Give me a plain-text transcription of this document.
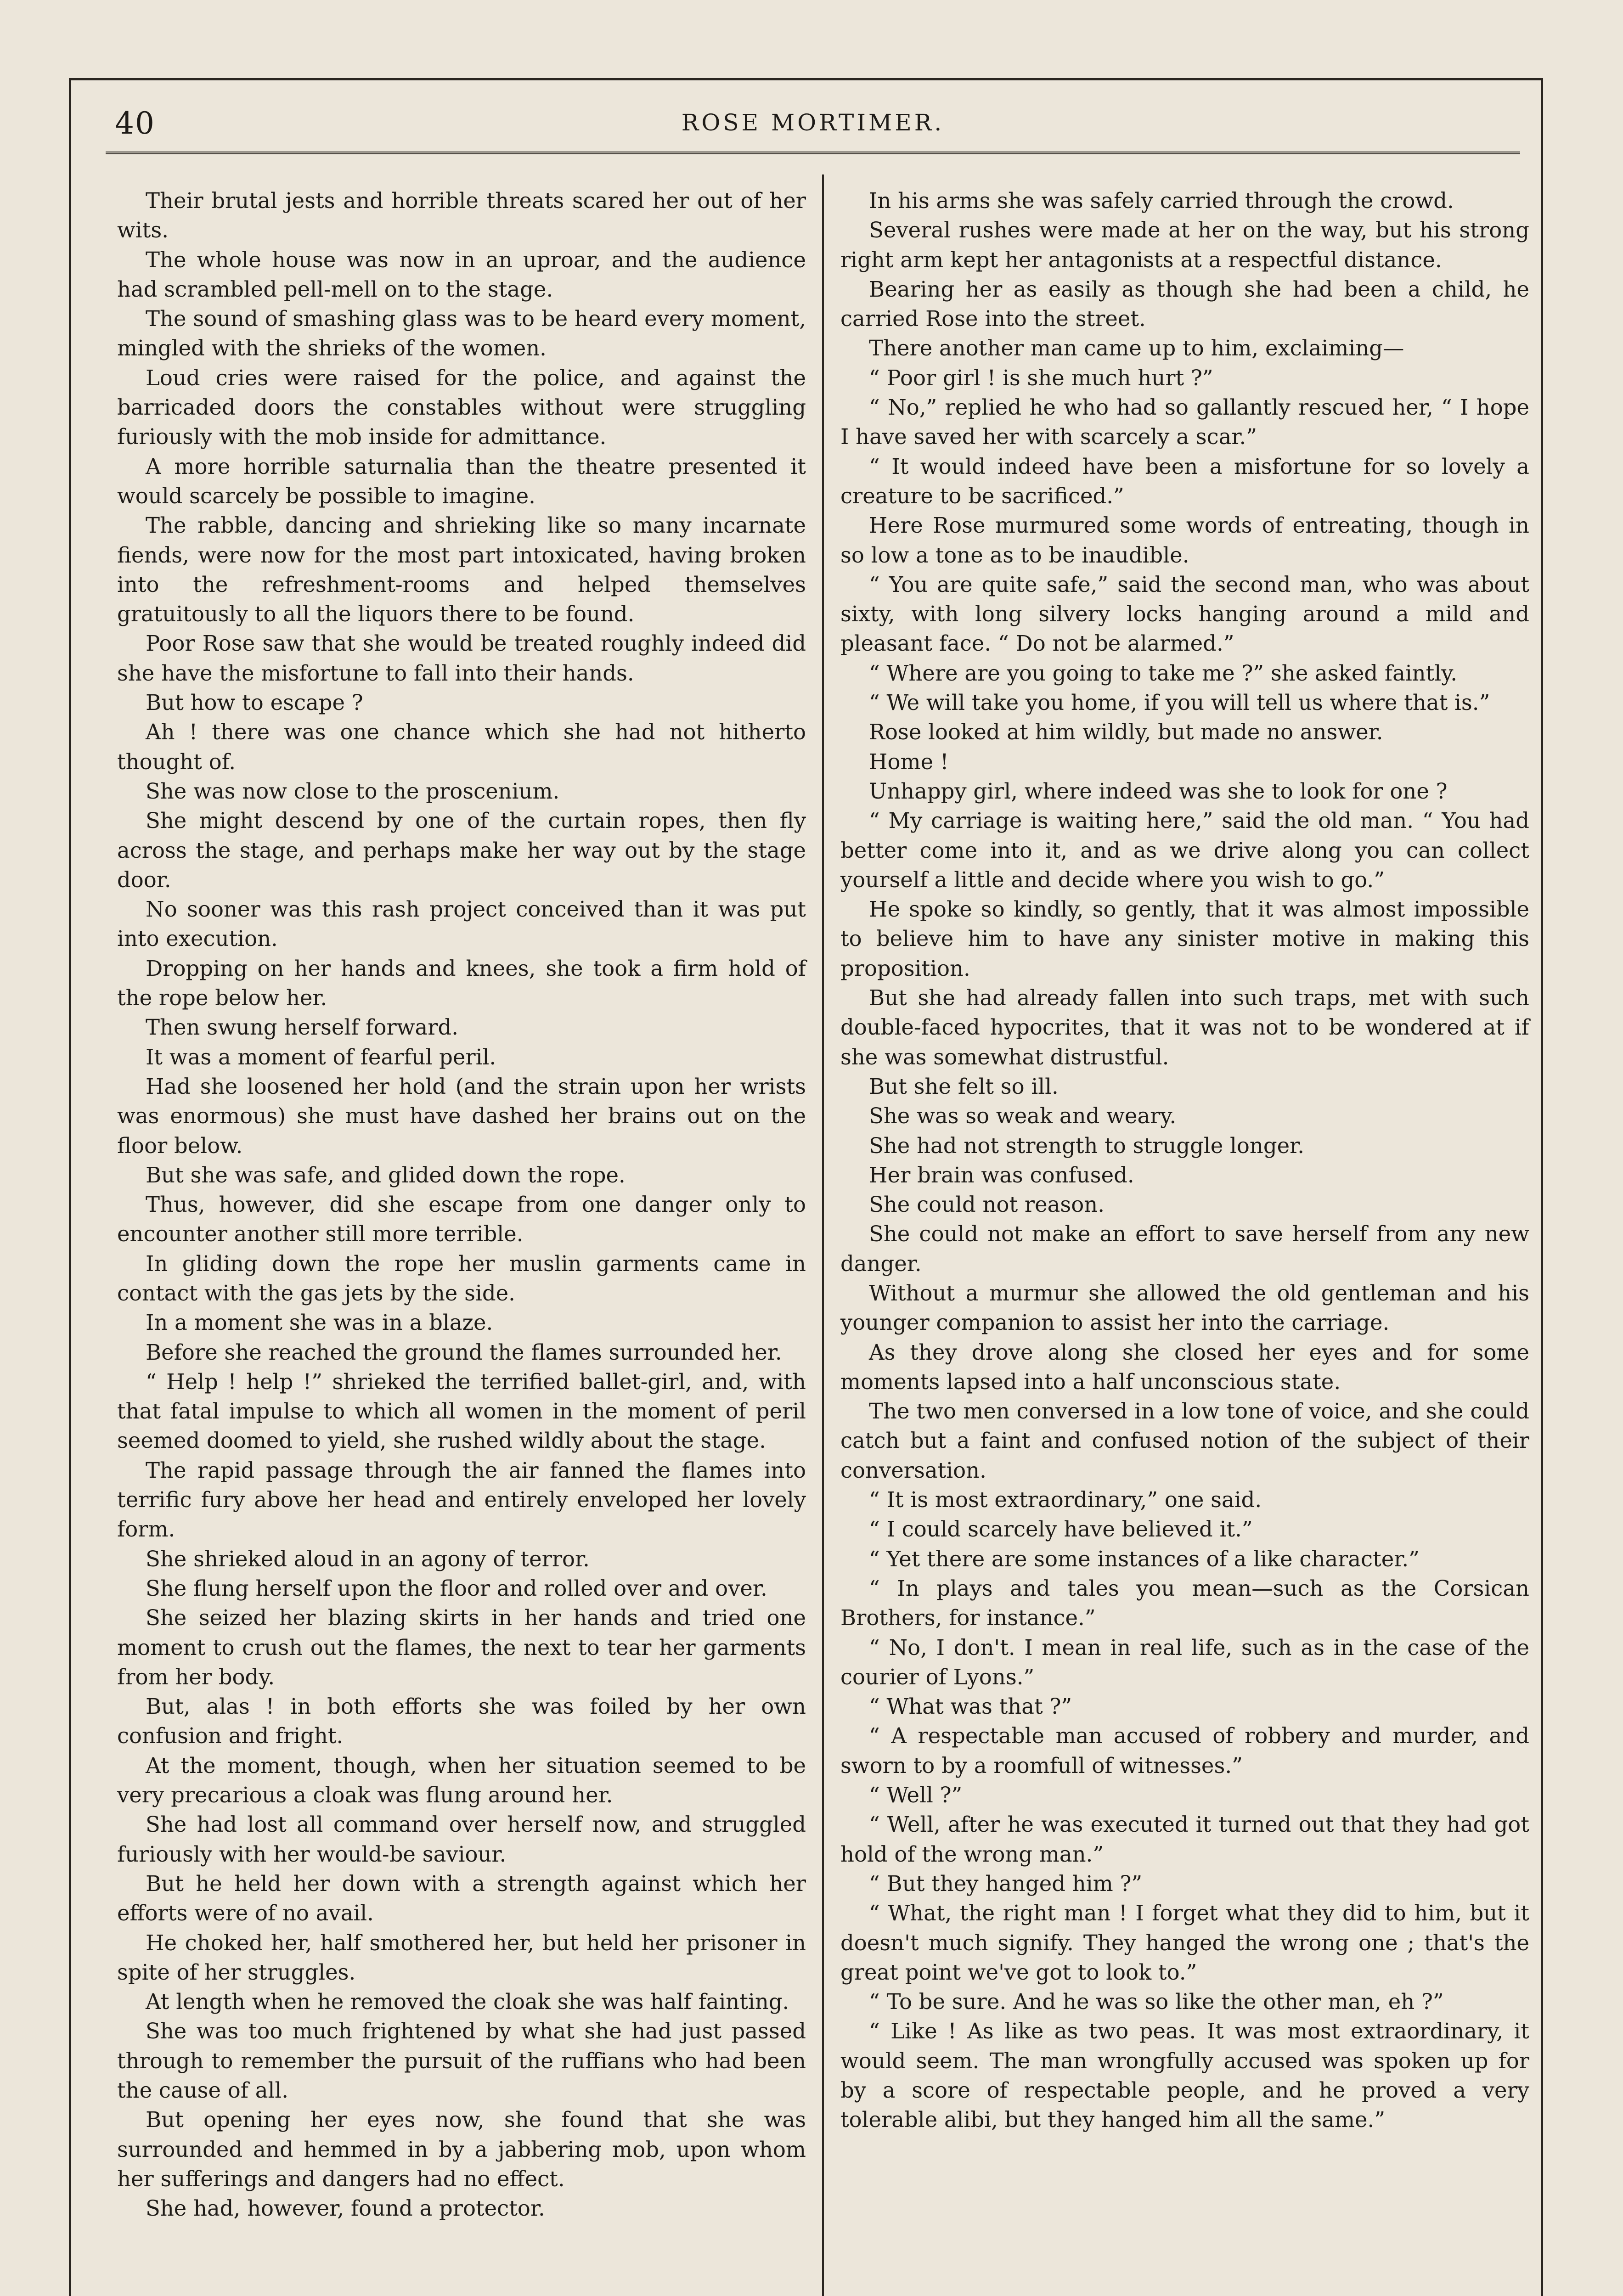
40	ROSE MORTIMER.

Their brutal jests and horrible threats scared her out of her wits.

The whole house was now in an uproar, and the audience had scrambled pell-mell on to the stage.

The sound of smashing glass was to be heard every moment, mingled with the shrieks of the women.

Loud cries were raised for the police, and against the barricaded doors the constables without were struggling furiously with the mob inside for admittance.

A more horrible saturnalia than the theatre presented it would scarcely be possible to imagine.

The rabble, dancing and shrieking like so many incarnate fiends, were now for the most part intoxicated, having broken into the refreshment-rooms and helped themselves gratuitously to all the liquors there to be found.

Poor Rose saw that she would be treated roughly indeed did she have the misfortune to fall into their hands.

But how to escape ?

Ah ! there was one chance which she had not hitherto thought of.

She was now close to the proscenium.

She might descend by one of the curtain ropes, then fly across the stage, and perhaps make her way out by the stage door.

No sooner was this rash project conceived than it was put into execution.

Dropping on her hands and knees, she took a firm hold of the rope below her.

Then swung herself forward.

It was a moment of fearful peril.

Had she loosened her hold (and the strain upon her wrists was enormous) she must have dashed her brains out on the floor below.

But she was safe, and glided down the rope.

Thus, however, did she escape from one danger only to encounter another still more terrible.

In gliding down the rope her muslin garments came in contact with the gas jets by the side.

In a moment she was in a blaze.

Before she reached the ground the flames surrounded her.

“ Help ! help !” shrieked the terrified ballet-girl, and, with that fatal impulse to which all women in the moment of peril seemed doomed to yield, she rushed wildly about the stage.

The rapid passage through the air fanned the flames into terrific fury above her head and entirely enveloped her lovely form.

She shrieked aloud in an agony of terror.

She flung herself upon the floor and rolled over and over.

She seized her blazing skirts in her hands and tried one moment to crush out the flames, the next to tear her garments from her body.

But, alas ! in both efforts she was foiled by her own confusion and fright.

At the moment, though, when her situation seemed to be very precarious a cloak was flung around her.

She had lost all command over herself now, and struggled furiously with her would-be saviour.

But he held her down with a strength against which her efforts were of no avail.

He choked her, half smothered her, but held her prisoner in spite of her struggles.

At length when he removed the cloak she was half fainting.

She was too much frightened by what she had just passed through to remember the pursuit of the ruffians who had been the cause of all.

But opening her eyes now, she found that she was surrounded and hemmed in by a jabbering mob, upon whom her sufferings and dangers had no effect.

She had, however, found a protector.

In his arms she was safely carried through the crowd.

Several rushes were made at her on the way, but his strong right arm kept her antagonists at a respectful distance.

Bearing her as easily as though she had been a child, he carried Rose into the street.

There another man came up to him, exclaiming—

“ Poor girl ! is she much hurt ?”

“ No,” replied he who had so gallantly rescued her, “ I hope I have saved her with scarcely a scar.”

“ It would indeed have been a misfortune for so lovely a creature to be sacrificed.”

Here Rose murmured some words of entreating, though in so low a tone as to be inaudible.

“ You are quite safe,” said the second man, who was about sixty, with long silvery locks hanging around a mild and pleasant face. “ Do not be alarmed.”

“ Where are you going to take me ?” she asked faintly.

“ We will take you home, if you will tell us where that is.”

Rose looked at him wildly, but made no answer.

Home !

Unhappy girl, where indeed was she to look for one ?

“ My carriage is waiting here,” said the old man. “ You had better come into it, and as we drive along you can collect yourself a little and decide where you wish to go.”

He spoke so kindly, so gently, that it was almost impossible to believe him to have any sinister motive in making this proposition.

But she had already fallen into such traps, met with such double-faced hypocrites, that it was not to be wondered at if she was somewhat distrustful.

But she felt so ill.

She was so weak and weary.

She had not strength to struggle longer.

Her brain was confused.

She could not reason.

She could not make an effort to save herself from any new danger.

Without a murmur she allowed the old gentleman and his younger companion to assist her into the carriage.

As they drove along she closed her eyes and for some moments lapsed into a half unconscious state.

The two men conversed in a low tone of voice, and she could catch but a faint and confused notion of the subject of their conversation.

“ It is most extraordinary,” one said.

“ I could scarcely have believed it.”

“ Yet there are some instances of a like character.”

“ In plays and tales you mean—such as the Corsican Brothers, for instance.”

“ No, I don't. I mean in real life, such as in the case of the courier of Lyons.”

“ What was that ?”

“ A respectable man accused of robbery and murder, and sworn to by a roomfull of witnesses.”

“ Well ?”

“ Well, after he was executed it turned out that they had got hold of the wrong man.”

“ But they hanged him ?”

“ What, the right man ! I forget what they did to him, but it doesn't much signify. They hanged the wrong one ; that's the great point we've got to look to.”

“ To be sure. And he was so like the other man, eh ?”

“ Like ! As like as two peas. It was most extraordinary, it would seem. The man wrongfully accused was spoken up for by a score of respectable people, and he proved a very tolerable alibi, but they hanged him all the same.”
